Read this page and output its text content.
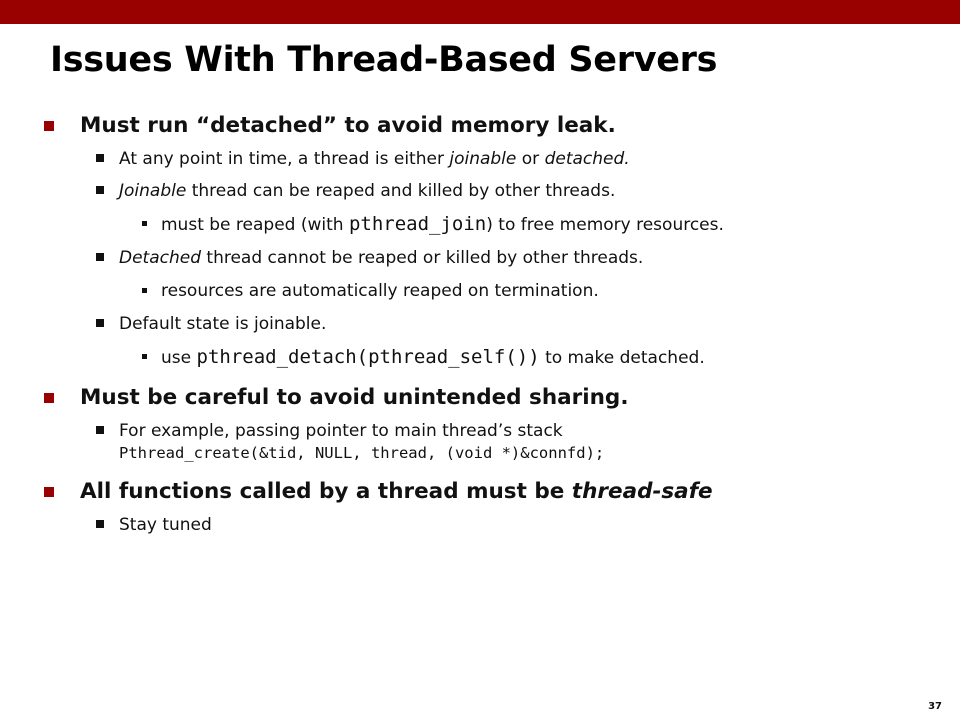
Issues With Thread-Based Servers
Must run “detached” to avoid memory leak.
At any point in time, a thread is either joinable or detached.
Joinable thread can be reaped and killed by other threads.
must be reaped (with pthread_join) to free memory resources.
Detached thread cannot be reaped or killed by other threads.
resources are automatically reaped on termination.
Default state is joinable.
use pthread_detach(pthread_self()) to make detached.
Must be careful to avoid unintended sharing.
For example, passing pointer to main thread’s stack
Pthread_create(&tid, NULL, thread, (void *)&connfd);
All functions called by a thread must be thread-safe
Stay tuned
37
